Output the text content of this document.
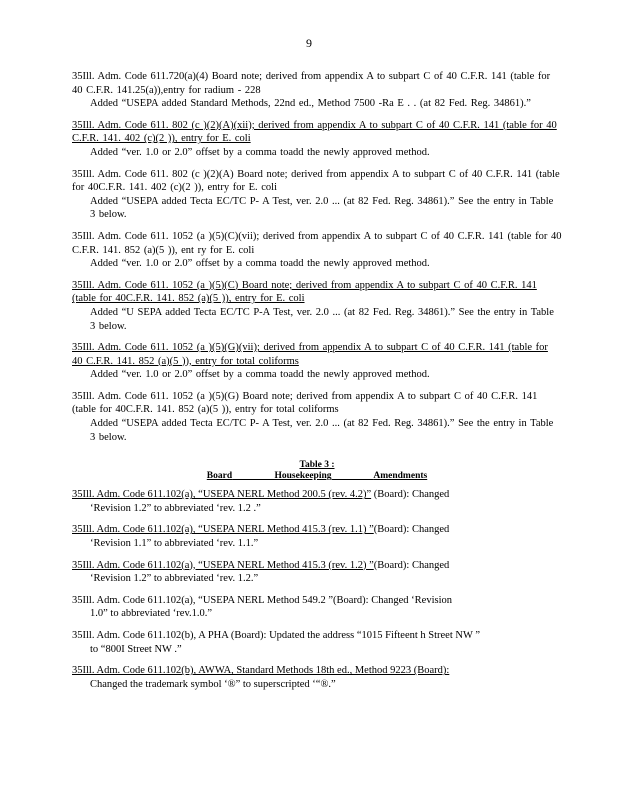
9
35Ill. Adm. Code 611.720(a)(4) Board note; derived from appendix A to subpart C of 40 C.F.R. 141 (table for 40 C.F.R. 141.25(a)),entry for radium - 228
Added “USEPA added Standard Methods, 22nd ed., Method 7500 -Ra E . . (at 82 Fed. Reg. 34861).”
35Ill. Adm. Code 611. 802 (c )(2)(A)(xii); derived from appendix A to subpart C of 40 C.F.R. 141 (table for 40 C.F.R. 141. 402 (c)(2 )), entry for E. coli
Added “ver. 1.0 or 2.0” offset by a comma toadd the newly approved method.
35Ill. Adm. Code 611. 802 (c )(2)(A) Board note; derived from appendix A to subpart C of 40 C.F.R. 141 (table for 40C.F.R. 141. 402 (c)(2 )), entry for E. coli
Added “USEPA added Tecta EC/TC P- A Test, ver. 2.0 ... (at 82 Fed. Reg. 34861).” See the entry in Table 3 below.
35Ill. Adm. Code 611. 1052 (a )(5)(C)(vii); derived from appendix A to subpart C of 40 C.F.R. 141 (table for 40 C.F.R. 141. 852 (a)(5 )), ent ry for E. coli
Added “ver. 1.0 or 2.0” offset by a comma toadd the newly approved method.
35Ill. Adm. Code 611. 1052 (a )(5)(C) Board note; derived from appendix A to subpart C of 40 C.F.R. 141 (table for 40C.F.R. 141. 852 (a)(5 )), entry for E. coli
Added “U SEPA added Tecta EC/TC P-A Test, ver. 2.0 ... (at 82 Fed. Reg. 34861).” See the entry in Table 3 below.
35Ill. Adm. Code 611. 1052 (a )(5)(G)(vii); derived from appendix A to subpart C of 40 C.F.R. 141 (table for 40 C.F.R. 141. 852 (a)(5 )), entry for total coliforms
Added “ver. 1.0 or 2.0” offset by a comma toadd the newly approved method.
35Ill. Adm. Code 611. 1052 (a )(5)(G) Board note; derived from appendix A to subpart C of 40 C.F.R. 141 (table for 40C.F.R. 141. 852 (a)(5 )), entry for total coliforms
Added “USEPA added Tecta EC/TC P- A Test, ver. 2.0 ... (at 82 Fed. Reg. 34861).” See the entry in Table 3 below.
Table 3 :
Board	Housekeeping	Amendments
35Ill. Adm. Code 611.102(a), “USEPA NERL Method 200.5 (rev. 4.2)” (Board): Changed
‘Revision 1.2” to abbreviated ‘rev. 1.2 .”
35Ill. Adm. Code 611.102(a), “USEPA NERL Method 415.3 (rev. 1.1) ”(Board): Changed
‘Revision 1.1” to abbreviated ‘rev. 1.1.”
35Ill. Adm. Code 611.102(a), “USEPA NERL Method 415.3 (rev. 1.2) ”(Board): Changed
‘Revision 1.2” to abbreviated ‘rev. 1.2.”
35Ill. Adm. Code 611.102(a), “USEPA NERL Method 549.2 ”(Board): Changed ‘Revision
1.0” to abbreviated ‘rev.1.0.”
35Ill. Adm. Code 611.102(b), A PHA (Board): Updated the address “1015 Fifteent h Street NW ”
to “800I Street NW .”
35Ill. Adm. Code 611.102(b), AWWA, Standard Methods 18th ed., Method 9223 (Board):
Changed the trademark symbol ‘®” to superscripted ‘“®.”
